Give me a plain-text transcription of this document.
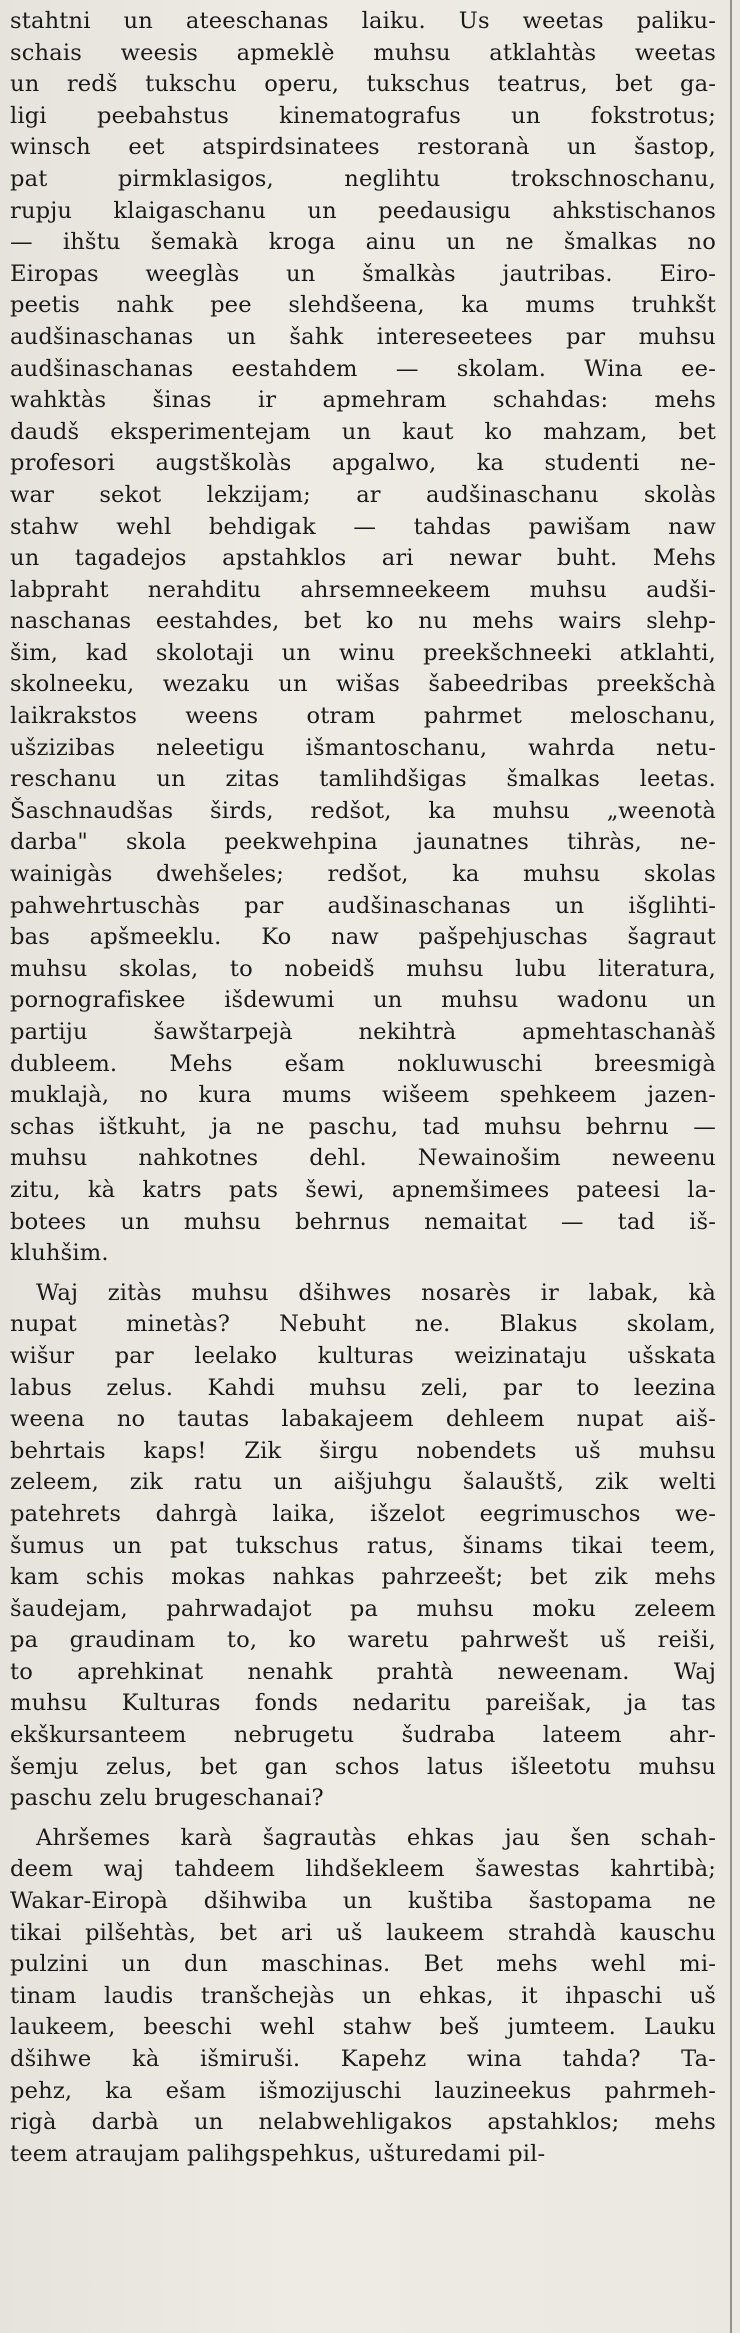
stahtni un ateeschanas laiku. Us weetas paliku-
schais weesis apmeklè muhsu atklahtàs weetas
un redš tukschu operu, tukschus teatrus, bet ga-
ligi peebahstus kinematografus un fokstrotus;
winsch eet atspirdsinatees restoranà un šastop,
pat pirmklasigos, neglihtu trokschnoschanu,
rupju klaigaschanu un peedausigu ahkstischanos
— ihštu šemakà kroga ainu un ne šmalkas no
Eiropas weeglàs un šmalkàs jautribas. Eiro-
peetis nahk pee slehdšeena, ka mums truhkšt
audšinaschanas un šahk intereseetees par muhsu
audšinaschanas eestahdem — skolam. Wina ee-
wahktàs šinas ir apmehram schahdas: mehs
daudš eksperimentejam un kaut ko mahzam, bet
profesori augstškolàs apgalwo, ka studenti ne-
war sekot lekzijam; ar audšinaschanu skolàs
stahw wehl behdigak — tahdas pawišam naw
un tagadejos apstahklos ari newar buht. Mehs
labpraht nerahditu ahrsemneekeem muhsu audši-
naschanas eestahdes, bet ko nu mehs wairs slehp-
šim, kad skolotaji un winu preekšchneeki atklahti,
skolneeku, wezaku un wišas šabeedribas preekšchà
laikrakstos weens otram pahrmet meloschanu,
ušzizibas neleetigu išmantoschanu, wahrda netu-
reschanu un zitas tamlihdšigas šmalkas leetas.
Šaschnaudšas širds, redšot, ka muhsu „weenotà
darba" skola peekwehpina jaunatnes tihràs, ne-
wainigàs dwehšeles; redšot, ka muhsu skolas
pahwehrtuschàs par audšinaschanas un išglihti-
bas apšmeeklu. Ko naw pašpehjuschas šagraut
muhsu skolas, to nobeidš muhsu lubu literatura,
pornografiskee išdewumi un muhsu wadonu un
partiju šawštarpejà nekihtrà apmehtaschanàš
dubleem. Mehs ešam nokluwuschi breesmigà
muklajà, no kura mums wišeem spehkeem jazen-
schas ištkuht, ja ne paschu, tad muhsu behrnu —
muhsu nahkotnes dehl. Newainošim neweenu
zitu, kà katrs pats šewi, apnemšimees pateesi la-
botees un muhsu behrnus nemaitat — tad iš-
kluhšim.
Waj zitàs muhsu dšihwes nosarès ir labak, kà
nupat minetàs? Nebuht ne. Blakus skolam,
wišur par leelako kulturas weizinataju ušskata
labus zelus. Kahdi muhsu zeli, par to leezina
weena no tautas labakajeem dehleem nupat aiš-
behrtais kaps! Zik širgu nobendets uš muhsu
zeleem, zik ratu un aišjuhgu šalauštš, zik welti
patehrets dahrgà laika, išzelot eegrimuschos we-
šumus un pat tukschus ratus, šinams tikai teem,
kam schis mokas nahkas pahrzeešt; bet zik mehs
šaudejam, pahrwadajot pa muhsu moku zeleem
pa graudinam to, ko waretu pahrwešt uš reiši,
to aprehkinat nenahk prahtà neweenam. Waj
muhsu Kulturas fonds nedaritu pareišak, ja tas
ekškursanteem nebrugetu šudraba lateem ahr-
šemju zelus, bet gan schos latus išleetotu muhsu
paschu zelu brugeschanai?
Ahršemes karà šagrautàs ehkas jau šen schah-
deem waj tahdeem lihdšekleem šawestas kahrtibà;
Wakar-Eiropà dšihwiba un kuštiba šastopama ne
tikai pilšehtàs, bet ari uš laukeem strahdà kauschu
pulzini un dun maschinas. Bet mehs wehl mi-
tinam laudis tranšchejàs un ehkas, it ihpaschi uš
laukeem, beeschi wehl stahw beš jumteem. Lauku
dšihwe kà išmiruši. Kapehz wina tahda? Ta-
pehz, ka ešam išmozijuschi lauzineekus pahrmeh-
rigà darbà un nelabwehligakos apstahklos; mehs
teem atraujam palihgspehkus, ušturedami pil-
